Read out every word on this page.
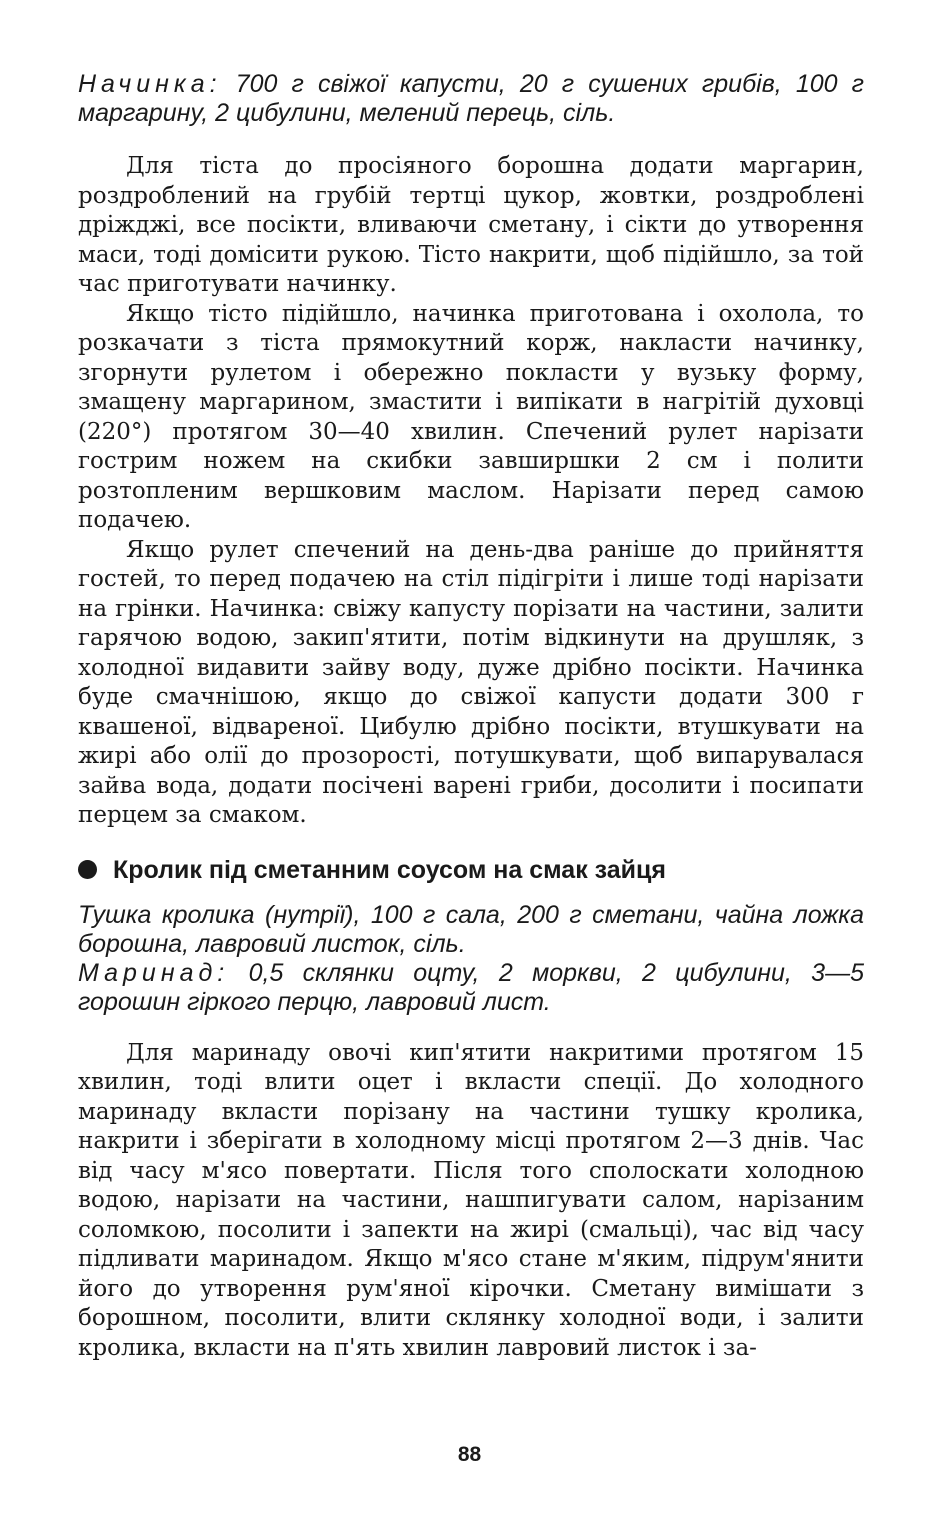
Начинка: 700 г свіжої капусти, 20 г сушених грибів, 100 г маргарину, 2 цибулини, мелений перець, сіль.

Для тіста до просіяного борошна додати маргарин, роздроблений на грубій тертці цукор, жовтки, роздроблені дріжджі, все посікти, вливаючи сметану, і сікти до утворення маси, тоді домісити рукою. Тісто накрити, щоб підійшло, за той час приготувати начинку.

Якщо тісто підійшло, начинка приготована і охолола, то розкачати з тіста прямокутний корж, накласти начинку, згорнути рулетом і обережно покласти у вузьку форму, змащену маргарином, змастити і випікати в нагрітій духовці (220°) протягом 30—40 хвилин. Спечений рулет нарізати гострим ножем на скибки завширшки 2 см і полити розтопленим вершковим маслом. Нарізати перед самою подачею.

Якщо рулет спечений на день-два раніше до прийняття гостей, то перед подачею на стіл підігріти і лише тоді нарізати на грінки. Начинка: свіжу капусту порізати на частини, залити гарячою водою, закип'ятити, потім відкинути на друшляк, з холодної видавити зайву воду, дуже дрібно посікти. Начинка буде смачнішою, якщо до свіжої капусти додати 300 г квашеної, відвареної. Цибулю дрібно посікти, втушкувати на жирі або олії до прозорості, потушкувати, щоб випарувалася зайва вода, додати посічені варені гриби, досолити і посипати перцем за смаком.

Кролик під сметанним соусом на смак зайця

Тушка кролика (нутрії), 100 г сала, 200 г сметани, чайна ложка борошна, лавровий листок, сіль.

Маринад: 0,5 склянки оцту, 2 моркви, 2 цибулини, 3—5 горошин гіркого перцю, лавровий лист.

Для маринаду овочі кип'ятити накритими протягом 15 хвилин, тоді влити оцет і вкласти спеції. До холодного маринаду вкласти порізану на частини тушку кролика, накрити і зберігати в холодному місці протягом 2—3 днів. Час від часу м'ясо повертати. Після того сполоскати холодною водою, нарізати на частини, нашпигувати салом, нарізаним соломкою, посолити і запекти на жирі (смальці), час від часу підливати маринадом. Якщо м'ясо стане м'яким, підрум'янити його до утворення рум'яної кірочки. Сметану вимішати з борошном, посолити, влити склянку холодної води, і залити кролика, вкласти на п'ять хвилин лавровий листок і за-

88
